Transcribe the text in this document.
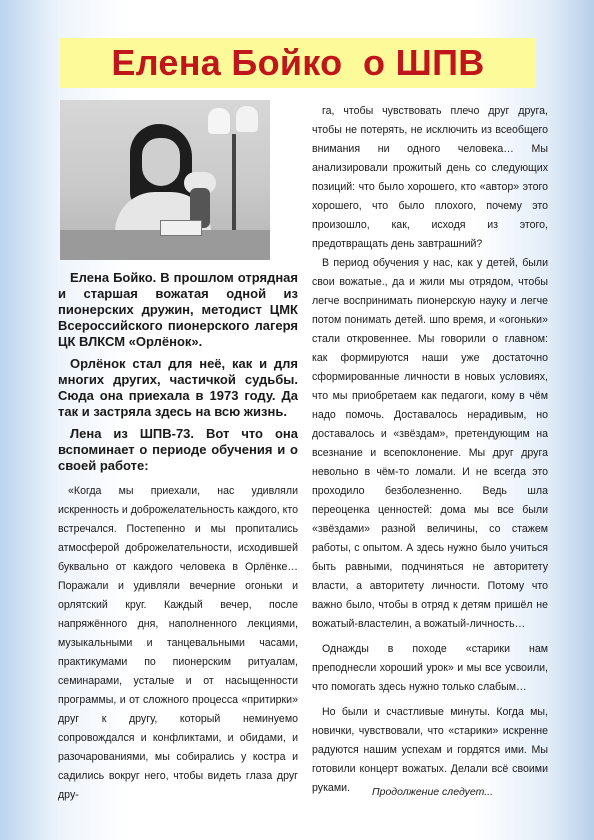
Елена Бойко  о ШПВ

Елена Бойко. В прошлом отрядная и старшая вожатая одной из пионерских дружин, методист ЦМК Всероссийского пионерского лагеря ЦК ВЛКСМ «Орлёнок».

Орлёнок стал для неё, как и для многих других, частичкой судьбы. Сюда она приехала в 1973 году. Да так и застряла здесь на всю жизнь.

Лена из ШПВ-73. Вот что она вспоминает о периоде обучения и о своей работе:

«Когда мы приехали, нас удивляли искренность и доброжелательность каждого, кто встречался. Постепенно и мы пропитались атмосферой доброжелательности, исходившей буквально от каждого человека в Орлёнке… Поражали и удивляли вечерние огоньки и орлятский круг. Каждый вечер, после напряжённого дня, наполненного лекциями, музыкальными и танцевальными часами, практикумами по пионерским ритуалам, семинарами, усталые и от насыщенности программы, и от сложного процесса «притирки» друг к другу, который неминуемо сопровождался и конфликтами, и обидами, и разочарованиями, мы собирались у костра и садились вокруг него, чтобы видеть глаза друг дру-

га, чтобы чувствовать плечо друг друга, чтобы не потерять, не исключить из всеобщего внимания ни одного человека… Мы анализировали прожитый день со следующих позиций: что было хорошего, кто «автор» этого хорошего, что было плохого, почему это произошло, как, исходя из этого, предотвращать день завтрашний?

В период обучения у нас, как у детей, были свои вожатые., да и жили мы отрядом, чтобы легче воспринимать пионерскую науку и легче потом понимать детей. шпо время, и «огоньки» стали откровеннее. Мы говорили о главном: как формируются наши уже достаточно сформированные личности в новых условиях, что мы приобретаем как педагоги, кому в чём надо помочь. Доставалось нерадивым, но доставалось и «звёздам», претендующим на всезнание и всепоклонение. Мы друг друга невольно в чём-то ломали. И не всегда это проходило безболезненно. Ведь шла переоценка ценностей: дома мы все были «звёздами» разной величины, со стажем работы, с опытом. А здесь нужно было учиться быть равными, подчиняться не авторитету власти, а авторитету личности. Потому что важно было, чтобы в отряд к детям пришёл не вожатый-властелин, а вожатый-личность…

Однажды в походе «старики нам преподнесли хороший урок» и мы все усвоили, что помогать здесь нужно только слабым…

Но были и счастливые минуты. Когда мы, новички, чувствовали, что «старики» искренне радуются нашим успехам и гордятся ими. Мы готовили концерт вожатых. Делали всё своими руками.	Продолжение следует...
